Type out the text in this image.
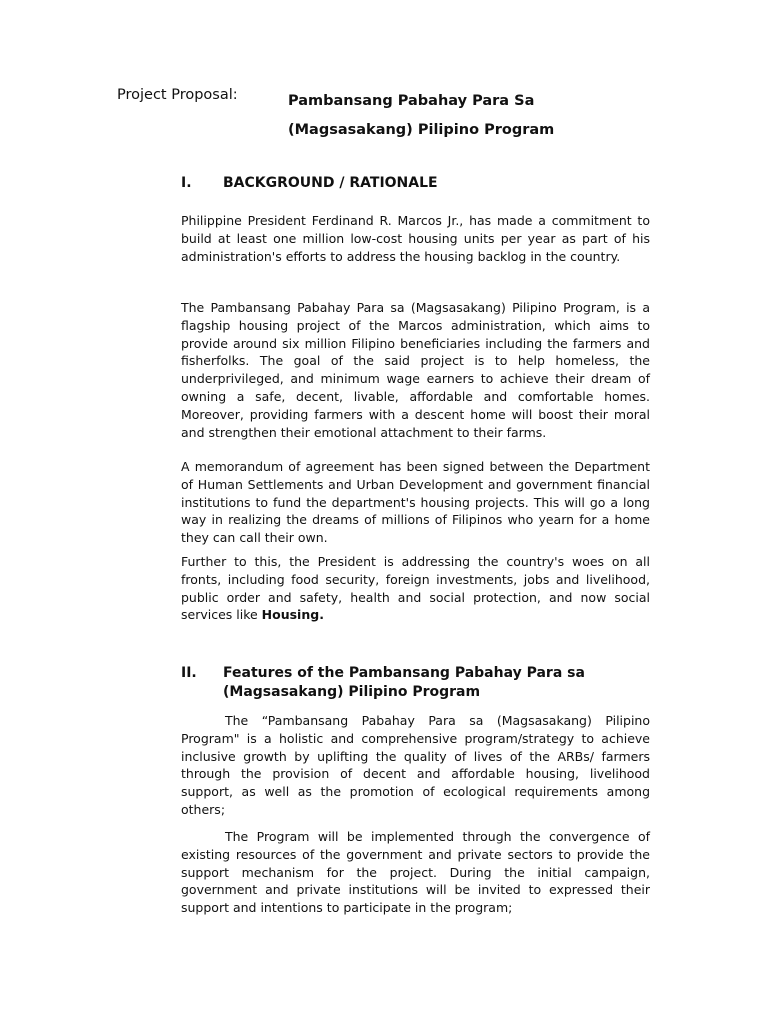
Project Proposal:	Pambansang Pabahay Para Sa
(Magsasakang) Pilipino Program
I.	BACKGROUND / RATIONALE

Philippine President Ferdinand R. Marcos Jr., has made a commitment to build at least one million low-cost housing units per year as part of his administration's efforts to address the housing backlog in the country.

The Pambansang Pabahay Para sa (Magsasakang) Pilipino Program, is a flagship housing project of the Marcos administration, which aims to provide around six million Filipino beneficiaries including the farmers and fisherfolks. The goal of the said project is to help homeless, the underprivileged, and minimum wage earners to achieve their dream of owning a safe, decent, livable, affordable and comfortable homes. Moreover, providing farmers with a descent home will boost their moral and strengthen their emotional attachment to their farms.

A memorandum of agreement has been signed between the Department of Human Settlements and Urban Development and government financial institutions to fund the department's housing projects. This will go a long way in realizing the dreams of millions of Filipinos who yearn for a home they can call their own.

Further to this, the President is addressing the country's woes on all fronts, including food security, foreign investments, jobs and livelihood, public order and safety, health and social protection, and now social services like Housing.

II.	Features of the Pambansang Pabahay Para sa (Magsasakang) Pilipino Program

The “Pambansang Pabahay Para sa (Magsasakang) Pilipino Program" is a holistic and comprehensive program/strategy to achieve inclusive growth by uplifting the quality of lives of the ARBs/ farmers through the provision of decent and affordable housing, livelihood support, as well as the promotion of ecological requirements among others;

The Program will be implemented through the convergence of existing resources of the government and private sectors to provide the support mechanism for the project. During the initial campaign, government and private institutions will be invited to expressed their support and intentions to participate in the program;
